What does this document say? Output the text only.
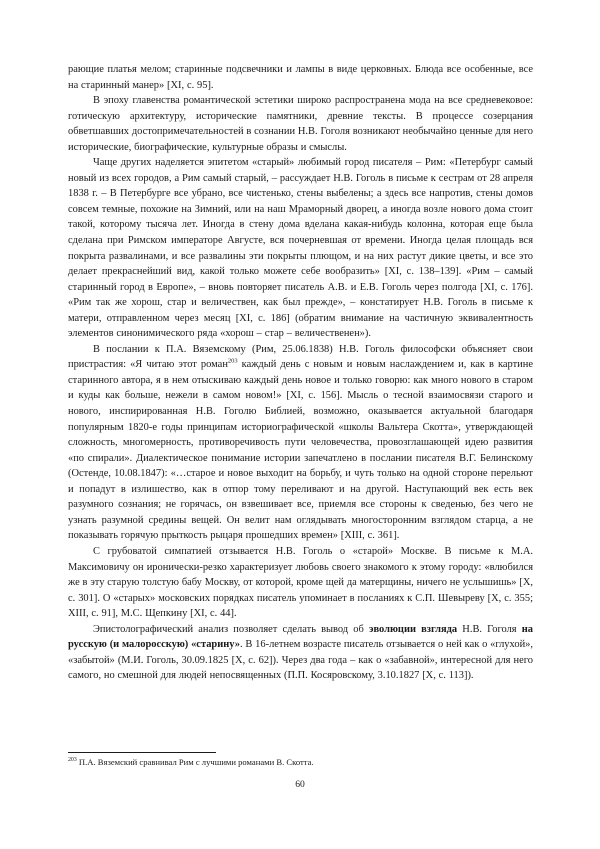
рающие платья мелом; старинные подсвечники и лампы в виде церковных. Блюда все особенные, все на старинный манер» [XI, с. 95].

В эпоху главенства романтической эстетики широко распространена мода на все средневековое: готическую архитектуру, исторические памятники, древние тексты. В процессе созерцания обветшавших достопримечательностей в сознании Н.В. Гоголя возникают необычайно ценные для него исторические, биографические, культурные образы и смыслы.

Чаще других наделяется эпитетом «старый» любимый город писателя – Рим: «Петербург самый новый из всех городов, а Рим самый старый, – рассуждает Н.В. Гоголь в письме к сестрам от 28 апреля 1838 г. – В Петербурге все убрано, все чистенько, стены выбелены; а здесь все напротив, стены домов совсем темные, похожие на Зимний, или на наш Мраморный дворец, а иногда возле нового дома стоит такой, которому тысяча лет. Иногда в стену дома вделана какая-нибудь колонна, которая еще была сделана при Римском императоре Августе, вся почерневшая от времени. Иногда целая площадь вся покрыта развалинами, и все развалины эти покрыты плющом, и на них растут дикие цветы, и все это делает прекраснейший вид, какой только можете себе вообразить» [XI, с. 138–139]. «Рим – самый старинный город в Европе», – вновь повторяет писатель А.В. и Е.В. Гоголь через полгода [XI, с. 176]. «Рим так же хорош, стар и величествен, как был прежде», – констатирует Н.В. Гоголь в письме к матери, отправленном через месяц [XI, с. 186] (обратим внимание на частичную эквивалентность элементов синонимического ряда «хорош – стар – величественен»).

В послании к П.А. Вяземскому (Рим, 25.06.1838) Н.В. Гоголь философски объясняет свои пристрастия: «Я читаю этот роман$^{203}$ каждый день с новым и новым наслаждением и, как в картине старинного автора, я в нем отыскиваю каждый день новое и только говорю: как много нового в старом и куды как больше, нежели в самом новом!» [XI, с. 156]. Мысль о тесной взаимосвязи старого и нового, инспирированная Н.В. Гоголю Библией, возможно, оказывается актуальной благодаря популярным 1820-е годы принципам историографической «школы Вальтера Скотта», утверждающей сложность, многомерность, противоречивость пути человечества, провозглашающей идею развития «по спирали». Диалектическое понимание истории запечатлено в послании писателя В.Г. Белинскому (Остенде, 10.08.1847): «…старое и новое выходит на борьбу, и чуть только на одной стороне перельют и попадут в излишество, как в отпор тому переливают и на другой. Наступающий век есть век разумного сознания; не горячась, он взвешивает все, приемля все стороны к сведенью, без чего не узнать разумной средины вещей. Он велит нам оглядывать многосторонним взглядом старца, а не показывать горячую прыткость рыцаря прошедших времен» [XIII, с. 361].

С грубоватой симпатией отзывается Н.В. Гоголь о «старой» Москве. В письме к М.А. Максимовичу он иронически-резко характеризует любовь своего знакомого к этому городу: «влюбился же в эту старую толстую бабу Москву, от которой, кроме щей да матерщины, ничего не услышишь» [X, с. 301]. О «старых» московских порядках писатель упоминает в посланиях к С.П. Шевыреву [X, с. 355; XIII, с. 91], М.С. Щепкину [XI, с. 44].

Эпистолографический анализ позволяет сделать вывод об эволюции взгляда Н.В. Гоголя на русскую (и малоросскую) «старину». В 16-летнем возрасте писатель отзывается о ней как о «глухой», «забытой» (М.И. Гоголь, 30.09.1825 [X, с. 62]). Через два года – как о «забавной», интересной для него самого, но смешной для людей непосвященных (П.П. Косяровскому, 3.10.1827 [X, с. 113]).

$^{203}$ П.А. Вяземский сравнивал Рим с лучшими романами В. Скотта.

60
